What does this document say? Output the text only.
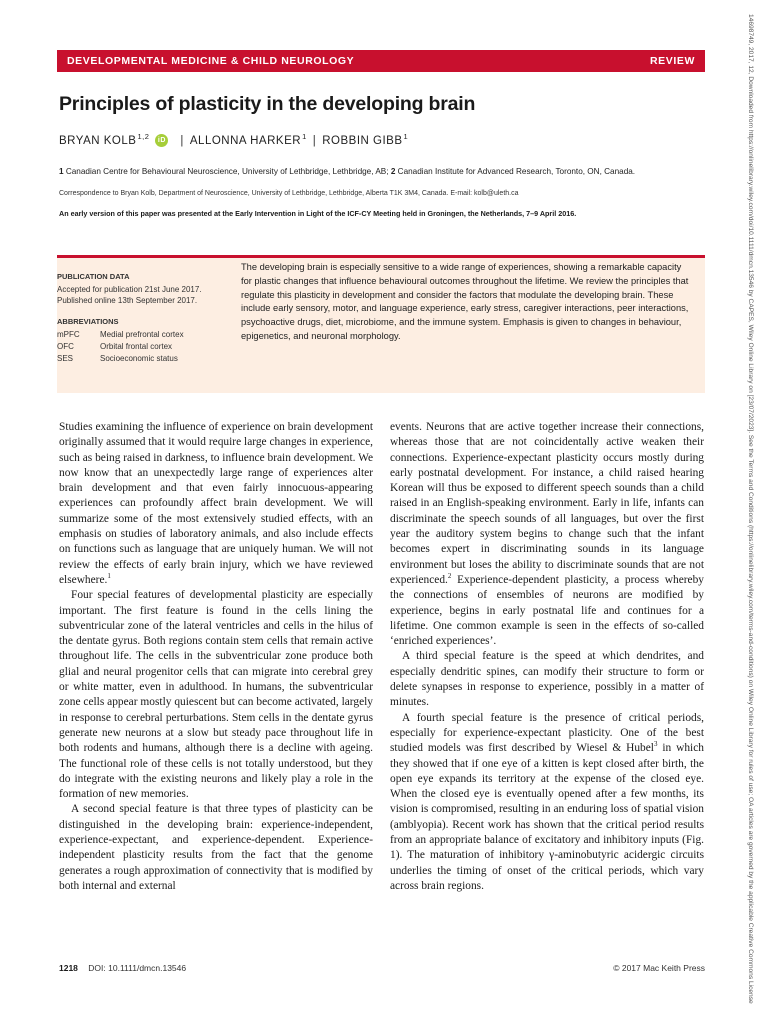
DEVELOPMENTAL MEDICINE & CHILD NEUROLOGY	REVIEW
Principles of plasticity in the developing brain
BRYAN KOLB$^{1,2}$	iD | ALLONNA HARKER$^1$ | ROBBIN GIBB$^1$
1 Canadian Centre for Behavioural Neuroscience, University of Lethbridge, Lethbridge, AB; 2 Canadian Institute for Advanced Research, Toronto, ON, Canada.
Correspondence to Bryan Kolb, Department of Neuroscience, University of Lethbridge, Lethbridge, Alberta T1K 3M4, Canada. E-mail: kolb@uleth.ca
An early version of this paper was presented at the Early Intervention in Light of the ICF-CY Meeting held in Groningen, the Netherlands, 7–9 April 2016.
PUBLICATION DATA
Accepted for publication 21st June 2017.
Published online 13th September 2017.
ABBREVIATIONS
mPFC	Medial prefrontal cortex
OFC	Orbital frontal cortex
SES	Socioeconomic status

The developing brain is especially sensitive to a wide range of experiences, showing a remarkable capacity for plastic changes that influence behavioural outcomes throughout the lifetime. We review the principles that regulate this plasticity in development and consider the factors that modulate the developing brain. These include early sensory, motor, and language experience, early stress, caregiver interactions, peer interactions, psychoactive drugs, diet, microbiome, and the immune system. Emphasis is given to changes in behaviour, epigenetics, and neuronal morphology.

Studies examining the influence of experience on brain development originally assumed that it would require large changes in experience, such as being raised in darkness, to influence brain development. We now know that an unexpectedly large range of experiences alter brain development and that even fairly innocuous-appearing experiences can profoundly affect brain development. We will summarize some of the most extensively studied effects, with an emphasis on studies of laboratory animals, and also include effects on functions such as language that are uniquely human. We will not review the effects of early brain injury, which we have reviewed elsewhere.$^1$

Four special features of developmental plasticity are especially important. The first feature is found in the cells lining the subventricular zone of the lateral ventricles and cells in the hilus of the dentate gyrus. Both regions contain stem cells that remain active throughout life. The cells in the subventricular zone produce both glial and neural progenitor cells that can migrate into cerebral grey or white matter, even in adulthood. In humans, the subventricular zone cells appear mostly quiescent but can become activated, largely in response to cerebral perturbations. Stem cells in the dentate gyrus generate new neurons at a slow but steady pace throughout life in both rodents and humans, although there is a decline with ageing. The functional role of these cells is not totally understood, but they do integrate with the existing neurons and likely play a role in the formation of new memories.

A second special feature is that three types of plasticity can be distinguished in the developing brain: experience-independent, experience-expectant, and experience-dependent. Experience-independent plasticity results from the fact that the genome generates a rough approximation of connectivity that is modified by both internal and external

events. Neurons that are active together increase their connections, whereas those that are not coincidentally active weaken their connections. Experience-expectant plasticity occurs mostly during early postnatal development. For instance, a child raised hearing Korean will thus be exposed to different speech sounds than a child raised in an English-speaking environment. Early in life, infants can discriminate the speech sounds of all languages, but over the first year the auditory system begins to change such that the infant becomes expert in discriminating sounds in its language environment but loses the ability to discriminate sounds that are not experienced.$^2$ Experience-dependent plasticity, a process whereby the connections of ensembles of neurons are modified by experience, begins in early postnatal life and continues for a lifetime. One common example is seen in the effects of so-called ‘enriched experiences’.

A third special feature is the speed at which dendrites, and especially dendritic spines, can modify their structure to form or delete synapses in response to experience, possibly in a matter of minutes.

A fourth special feature is the presence of critical periods, especially for experience-expectant plasticity. One of the best studied models was first described by Wiesel & Hubel$^3$ in which they showed that if one eye of a kitten is kept closed after birth, the open eye expands its territory at the expense of the closed eye. When the closed eye is eventually opened after a few months, its vision is compromised, resulting in an enduring loss of spatial vision (amblyopia). Recent work has shown that the critical period results from an appropriate balance of excitatory and inhibitory inputs (Fig. 1). The maturation of inhibitory γ-aminobutyric acidergic circuits underlies the timing of onset of the critical periods, which vary across brain regions.

1218 DOI: 10.1111/dmcn.13546	© 2017 Mac Keith Press	14698749, 2017, 12, Downloaded from https://onlinelibrary.wiley.com/doi/10.1111/dmcn.13546 by CAPES, Wiley Online Library on [23/07/2023]. See the Terms and Conditions (https://onlinelibrary.wiley.com/terms-and-conditions) on Wiley Online Library for rules of use; OA articles are governed by the applicable Creative Commons License
